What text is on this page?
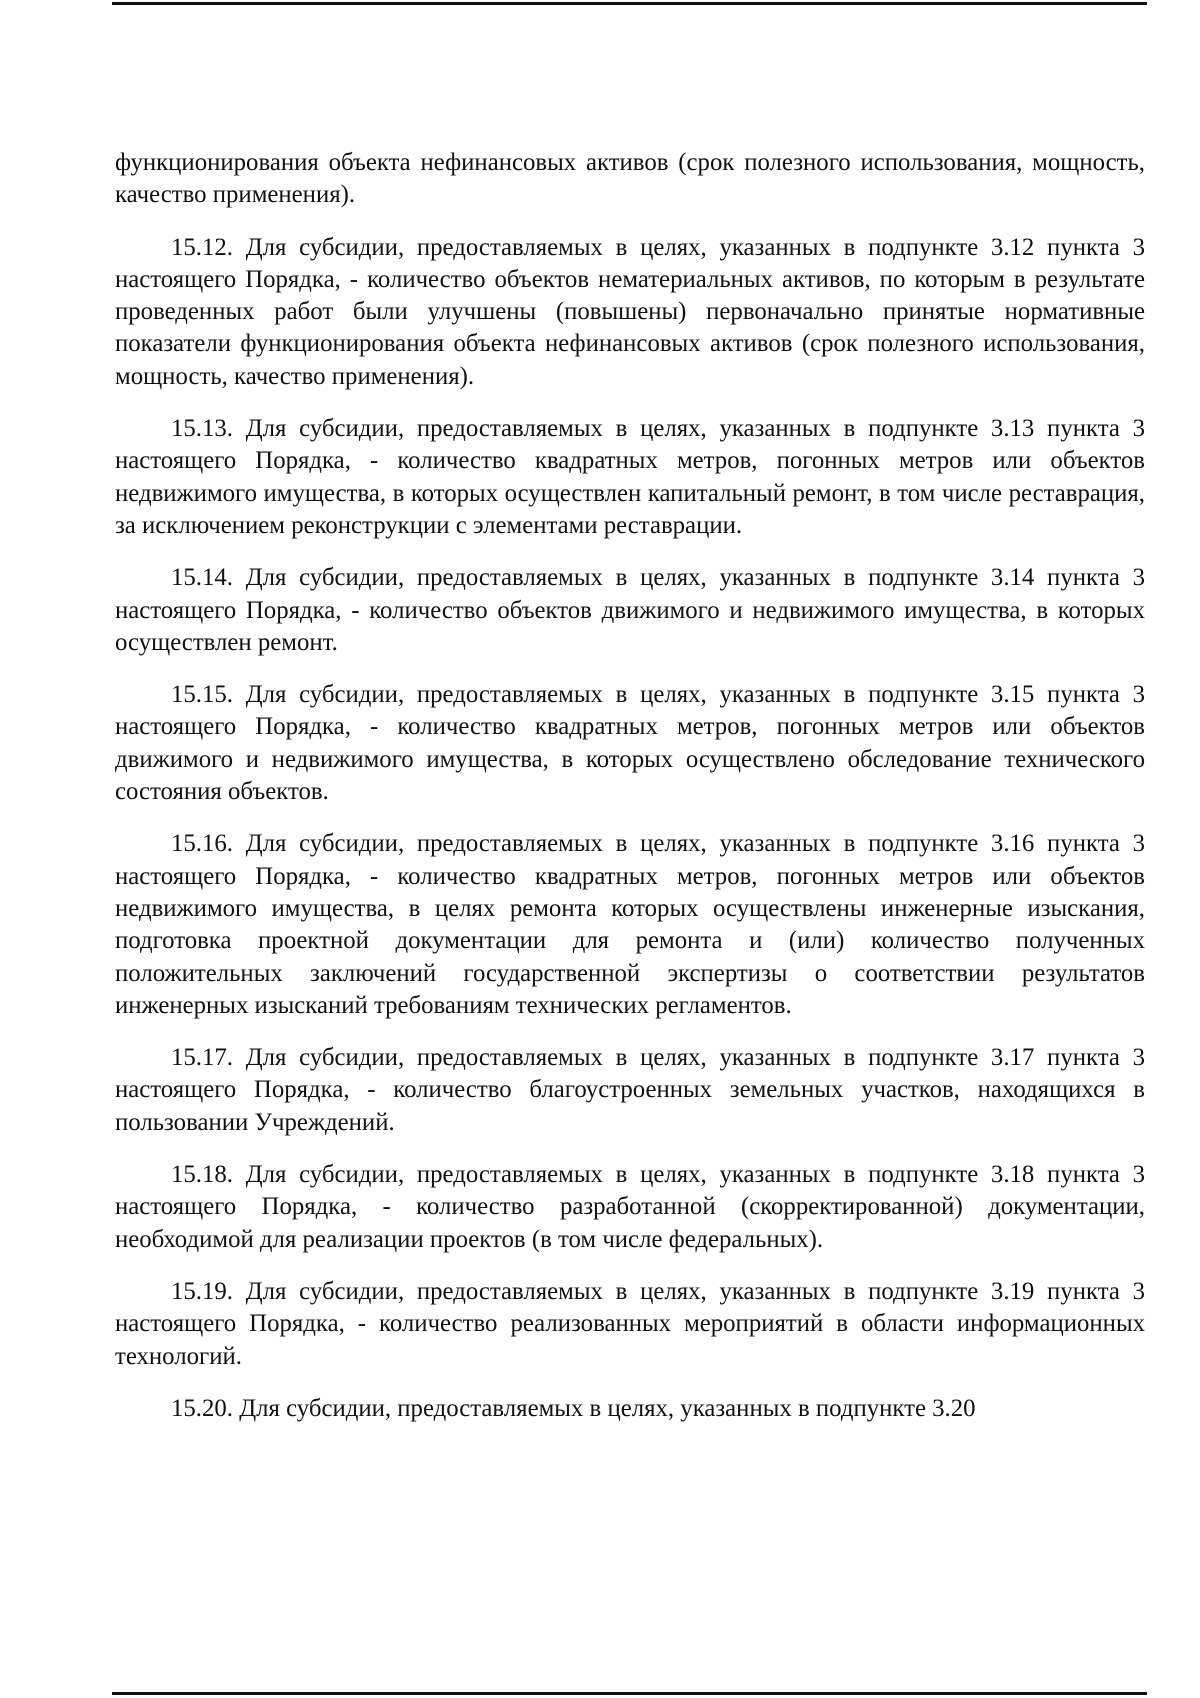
функционирования объекта нефинансовых активов (срок полезного использования, мощность, качество применения).

15.12. Для субсидии, предоставляемых в целях, указанных в подпункте 3.12 пункта 3 настоящего Порядка, - количество объектов нематериальных активов, по которым в результате проведенных работ были улучшены (повышены) первоначально принятые нормативные показатели функционирования объекта нефинансовых активов (срок полезного использования, мощность, качество применения).

15.13. Для субсидии, предоставляемых в целях, указанных в подпункте 3.13 пункта 3 настоящего Порядка, - количество квадратных метров, погонных метров или объектов недвижимого имущества, в которых осуществлен капитальный ремонт, в том числе реставрация, за исключением реконструкции с элементами реставрации.

15.14. Для субсидии, предоставляемых в целях, указанных в подпункте 3.14 пункта 3 настоящего Порядка, - количество объектов движимого и недвижимого имущества, в которых осуществлен ремонт.

15.15. Для субсидии, предоставляемых в целях, указанных в подпункте 3.15 пункта 3 настоящего Порядка, - количество квадратных метров, погонных метров или объектов движимого и недвижимого имущества, в которых осуществлено обследование технического состояния объектов.

15.16. Для субсидии, предоставляемых в целях, указанных в подпункте 3.16 пункта 3 настоящего Порядка, - количество квадратных метров, погонных метров или объектов недвижимого имущества, в целях ремонта которых осуществлены инженерные изыскания, подготовка проектной документации для ремонта и (или) количество полученных положительных заключений государственной экспертизы о соответствии результатов инженерных изысканий требованиям технических регламентов.

15.17. Для субсидии, предоставляемых в целях, указанных в подпункте 3.17 пункта 3 настоящего Порядка, - количество благоустроенных земельных участков, находящихся в пользовании Учреждений.

15.18. Для субсидии, предоставляемых в целях, указанных в подпункте 3.18 пункта 3 настоящего Порядка, - количество разработанной (скорректированной) документации, необходимой для реализации проектов (в том числе федеральных).

15.19. Для субсидии, предоставляемых в целях, указанных в подпункте 3.19 пункта 3 настоящего Порядка, - количество реализованных мероприятий в области информационных технологий.

15.20. Для субсидии, предоставляемых в целях, указанных в подпункте 3.20
